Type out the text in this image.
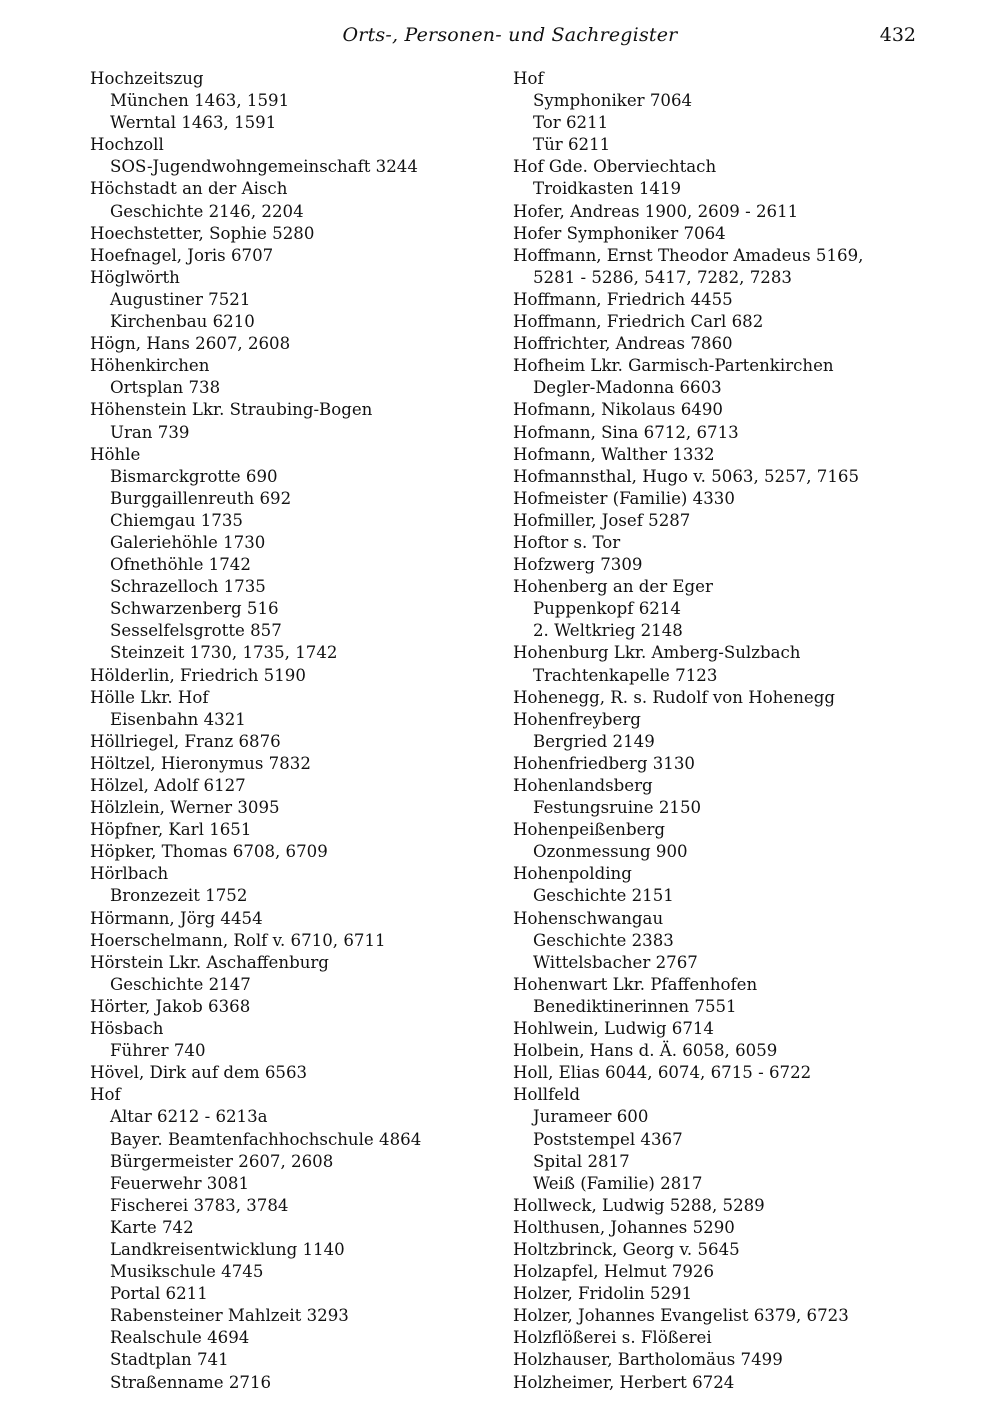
Orts-, Personen- und Sachregister	432
Hochzeitszug
München 1463, 1591
Werntal 1463, 1591
Hochzoll
SOS-Jugendwohngemeinschaft 3244
Höchstadt an der Aisch
Geschichte 2146, 2204
Hoechstetter, Sophie 5280
Hoefnagel, Joris 6707
Höglwörth
Augustiner 7521
Kirchenbau 6210
Högn, Hans 2607, 2608
Höhenkirchen
Ortsplan 738
Höhenstein Lkr. Straubing-Bogen
Uran 739
Höhle
Bismarckgrotte 690
Burggaillenreuth 692
Chiemgau 1735
Galeriehöhle 1730
Ofnethöhle 1742
Schrazelloch 1735
Schwarzenberg 516
Sesselfelsgrotte 857
Steinzeit 1730, 1735, 1742
Hölderlin, Friedrich 5190
Hölle Lkr. Hof
Eisenbahn 4321
Höllriegel, Franz 6876
Höltzel, Hieronymus 7832
Hölzel, Adolf 6127
Hölzlein, Werner 3095
Höpfner, Karl 1651
Höpker, Thomas 6708, 6709
Hörlbach
Bronzezeit 1752
Hörmann, Jörg 4454
Hoerschelmann, Rolf v. 6710, 6711
Hörstein Lkr. Aschaffenburg
Geschichte 2147
Hörter, Jakob 6368
Hösbach
Führer 740
Hövel, Dirk auf dem 6563
Hof
Altar 6212 - 6213a
Bayer. Beamtenfachhochschule 4864
Bürgermeister 2607, 2608
Feuerwehr 3081
Fischerei 3783, 3784
Karte 742
Landkreisentwicklung 1140
Musikschule 4745
Portal 6211
Rabensteiner Mahlzeit 3293
Realschule 4694
Stadtplan 741
Straßenname 2716
Hof
Symphoniker 7064
Tor 6211
Tür 6211
Hof Gde. Oberviechtach
Troidkasten 1419
Hofer, Andreas 1900, 2609 - 2611
Hofer Symphoniker 7064
Hoffmann, Ernst Theodor Amadeus 5169,
5281 - 5286, 5417, 7282, 7283
Hoffmann, Friedrich 4455
Hoffmann, Friedrich Carl 682
Hoffrichter, Andreas 7860
Hofheim Lkr. Garmisch-Partenkirchen
Degler-Madonna 6603
Hofmann, Nikolaus 6490
Hofmann, Sina 6712, 6713
Hofmann, Walther 1332
Hofmannsthal, Hugo v. 5063, 5257, 7165
Hofmeister (Familie) 4330
Hofmiller, Josef 5287
Hoftor s. Tor
Hofzwerg 7309
Hohenberg an der Eger
Puppenkopf 6214
2. Weltkrieg 2148
Hohenburg Lkr. Amberg-Sulzbach
Trachtenkapelle 7123
Hohenegg, R. s. Rudolf von Hohenegg
Hohenfreyberg
Bergried 2149
Hohenfriedberg 3130
Hohenlandsberg
Festungsruine 2150
Hohenpeißenberg
Ozonmessung 900
Hohenpolding
Geschichte 2151
Hohenschwangau
Geschichte 2383
Wittelsbacher 2767
Hohenwart Lkr. Pfaffenhofen
Benediktinerinnen 7551
Hohlwein, Ludwig 6714
Holbein, Hans d. Ä. 6058, 6059
Holl, Elias 6044, 6074, 6715 - 6722
Hollfeld
Jurameer 600
Poststempel 4367
Spital 2817
Weiß (Familie) 2817
Hollweck, Ludwig 5288, 5289
Holthusen, Johannes 5290
Holtzbrinck, Georg v. 5645
Holzapfel, Helmut 7926
Holzer, Fridolin 5291
Holzer, Johannes Evangelist 6379, 6723
Holzflößerei s. Flößerei
Holzhauser, Bartholomäus 7499
Holzheimer, Herbert 6724
